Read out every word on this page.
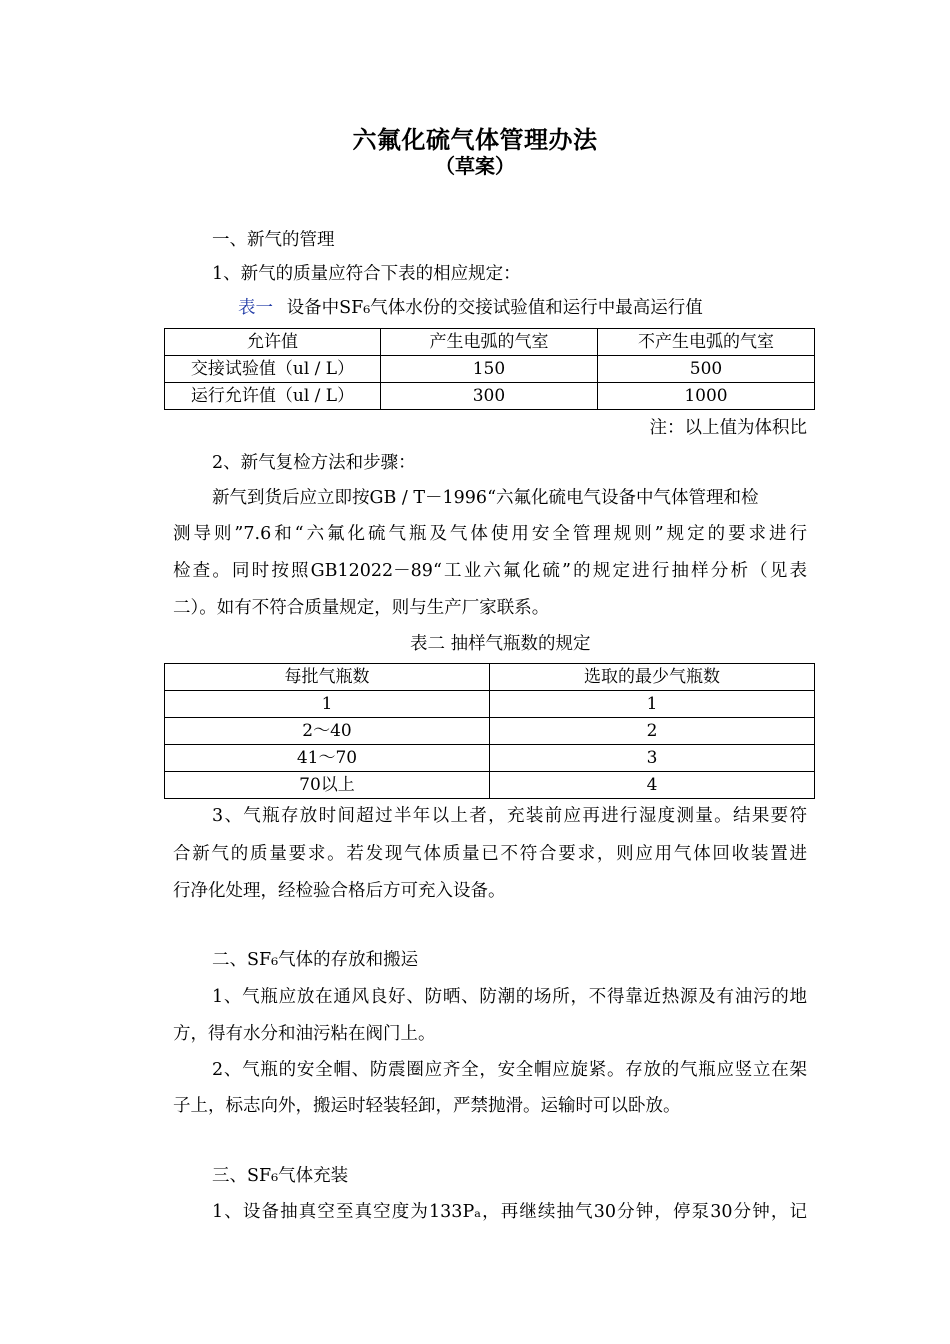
六氟化硫气体管理办法
（草案）
一、新气的管理
1、新气的质量应符合下表的相应规定：
表一 设备中SF₆气体水份的交接试验值和运行中最高运行值
允许值	产生电弧的气室	不产生电弧的气室
交接试验值（ul / L）	150	500
运行允许值（ul / L）	300	1000
注：以上值为体积比
2、新气复检方法和步骤：
新气到货后应立即按GB / T－1996“六氟化硫电气设备中气体管理和检
测导则”7.6和“六氟化硫气瓶及气体使用安全管理规则”规定的要求进行
检查。同时按照GB12022－89“工业六氟化硫”的规定进行抽样分析（见表
二）。如有不符合质量规定，则与生产厂家联系。
表二 抽样气瓶数的规定
每批气瓶数	选取的最少气瓶数
1	1
2～40	2
41～70	3
70以上	4
3、气瓶存放时间超过半年以上者，充装前应再进行湿度测量。结果要符
合新气的质量要求。若发现气体质量已不符合要求，则应用气体回收装置进
行净化处理，经检验合格后方可充入设备。
二、SF₆气体的存放和搬运
1、气瓶应放在通风良好、防晒、防潮的场所，不得靠近热源及有油污的地
方，得有水分和油污粘在阀门上。
2、气瓶的安全帽、防震圈应齐全，安全帽应旋紧。存放的气瓶应竖立在架
子上，标志向外，搬运时轻装轻卸，严禁抛滑。运输时可以卧放。
三、SF₆气体充装
1、设备抽真空至真空度为133Pₐ，再继续抽气30分钟，停泵30分钟，记
